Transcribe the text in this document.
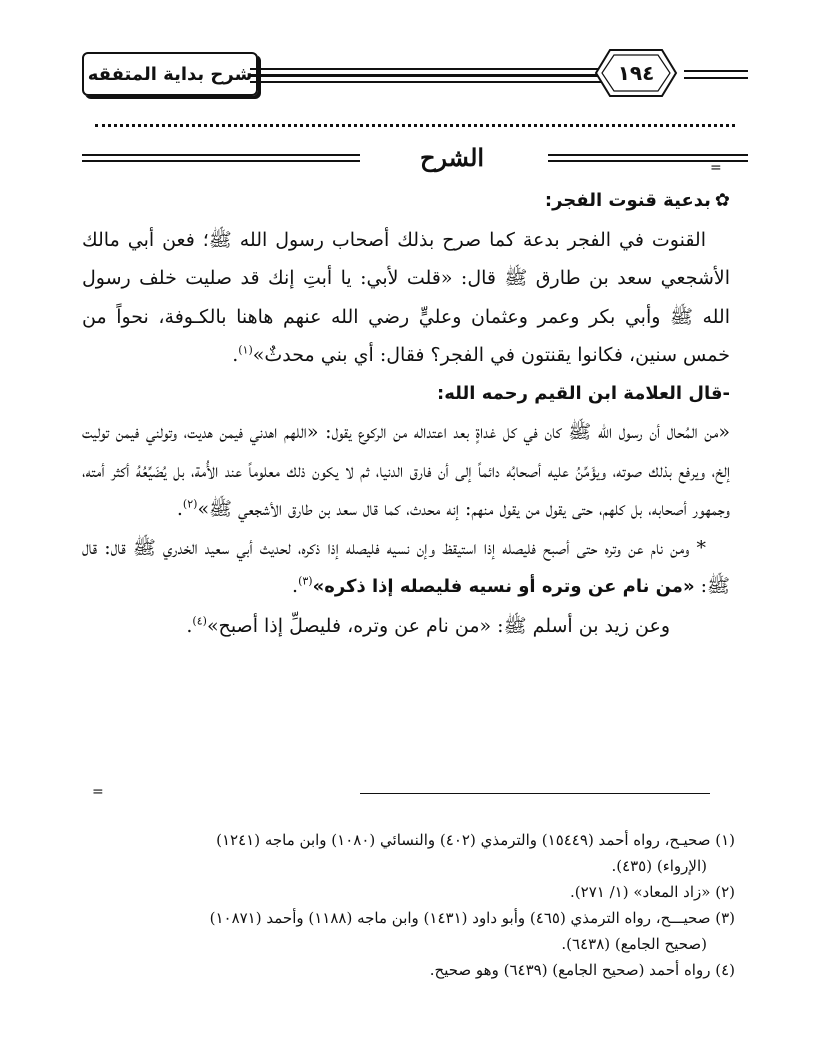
شرح بداية المتفقه	١٩٤
الشرح	=

✿بدعية قنوت الفجر:

القنوت في الفجر بدعة كما صرح بذلك أصحاب رسول الله ﷺ؛ فعن أبي مالك الأشجعي سعد بن طارق ﷺ قال: «قلت لأبي: يا أبتِ إنك قد صليت خلف رسول الله ﷺ وأبي بكر وعمر وعثمان وعليٍّ رضي الله عنهم هاهنا بالكـوفة، نحواً من خمس سنين، فكانوا يقنتون في الفجر؟ فقال: أي بني محدثٌ»$^{(١)}$.

-قال العلامة ابن القيم رحمه الله:

«من المُحال أن رسول الله ﷺ كان في كل غداةٍ بعد اعتداله من الركوع يقول: «اللهم اهدني فيمن هديت، وتولني فيمن توليت إلخ، ويرفع بذلك صوته، ويؤَمِّنُ عليه أصحابُه دائماً إلى أن فارق الدنيا، ثم لا يكون ذلك معلوماً عند الأُمة، بل يُضَيِّعُهُ أكثر أمته، وجمهور أصحابه، بل كلهم، حتى يقول من يقول منهم: إنه محدث، كما قال سعد بن طارق الأشجعي ﷺ»$^{(٢)}$.

* ومن نام عن وتره حتى أصبح فليصله إذا استيقظ وإن نسيه فليصله إذا ذكره، لحديث أبي سعيد الخدري ﷺ قال: قال ﷺ: «من نام عن وتره أو نسيه فليصله إذا ذكره»$^{(٣)}$.

وعن زيد بن أسلم ﷺ: «من نام عن وتره، فليصلِّ إذا أصبح»$^{(٤)}$.

=

(١) صحيـح، رواه أحمد (١٥٤٤٩) والترمذي (٤٠٢) والنسائي (١٠٨٠) وابن ماجه (١٢٤١)

(الإرواء) (٤٣٥).

(٢) «زاد المعاد» (١/ ٢٧١).

(٣) صحيـــح، رواه الترمذي (٤٦٥) وأبو داود (١٤٣١) وابن ماجه (١١٨٨) وأحمد (١٠٨٧١)

(صحيح الجامع) (٦٤٣٨).

(٤) رواه أحمد (صحيح الجامع) (٦٤٣٩) وهو صحيح.
